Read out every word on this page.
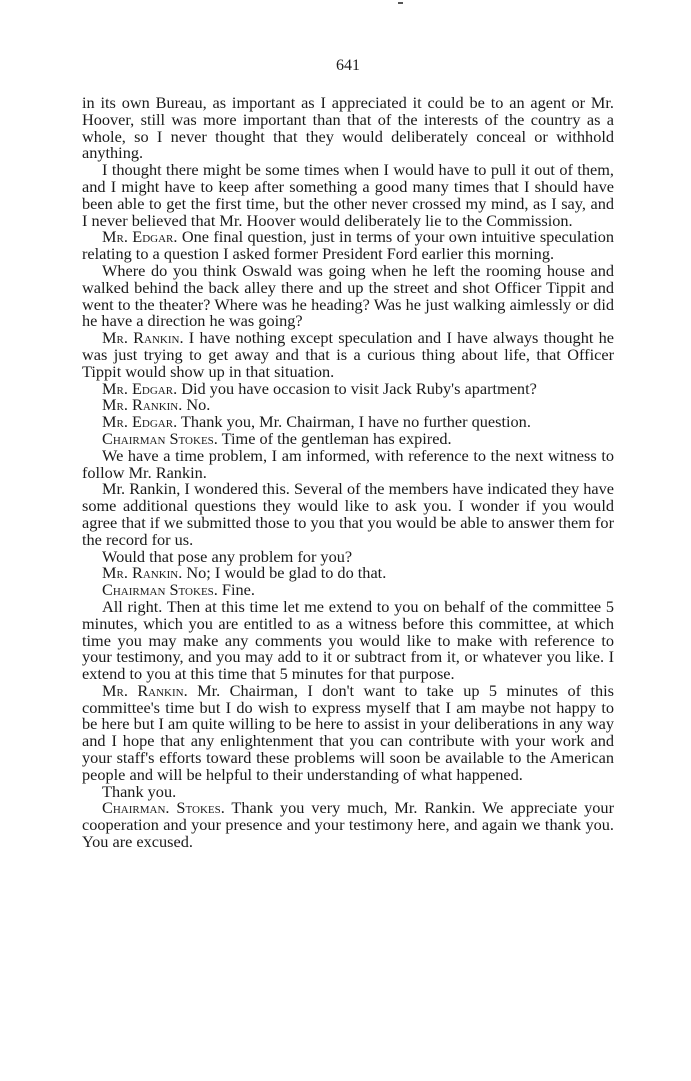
641

in its own Bureau, as important as I appreciated it could be to an agent or Mr. Hoover, still was more important than that of the interests of the country as a whole, so I never thought that they would deliberately conceal or withhold anything.

I thought there might be some times when I would have to pull it out of them, and I might have to keep after something a good many times that I should have been able to get the first time, but the other never crossed my mind, as I say, and I never believed that Mr. Hoover would deliberately lie to the Commission.

Mr. Edgar. One final question, just in terms of your own intuitive speculation relating to a question I asked former President Ford earlier this morning.

Where do you think Oswald was going when he left the rooming house and walked behind the back alley there and up the street and shot Officer Tippit and went to the theater? Where was he heading? Was he just walking aimlessly or did he have a direction he was going?

Mr. Rankin. I have nothing except speculation and I have always thought he was just trying to get away and that is a curious thing about life, that Officer Tippit would show up in that situation.

Mr. Edgar. Did you have occasion to visit Jack Ruby's apartment?

Mr. Rankin. No.

Mr. Edgar. Thank you, Mr. Chairman, I have no further question.

Chairman Stokes. Time of the gentleman has expired.

We have a time problem, I am informed, with reference to the next witness to follow Mr. Rankin.

Mr. Rankin, I wondered this. Several of the members have indicated they have some additional questions they would like to ask you. I wonder if you would agree that if we submitted those to you that you would be able to answer them for the record for us.

Would that pose any problem for you?

Mr. Rankin. No; I would be glad to do that.

Chairman Stokes. Fine.

All right. Then at this time let me extend to you on behalf of the committee 5 minutes, which you are entitled to as a witness before this committee, at which time you may make any comments you would like to make with reference to your testimony, and you may add to it or subtract from it, or whatever you like. I extend to you at this time that 5 minutes for that purpose.

Mr. Rankin. Mr. Chairman, I don't want to take up 5 minutes of this committee's time but I do wish to express myself that I am maybe not happy to be here but I am quite willing to be here to assist in your deliberations in any way and I hope that any enlightenment that you can contribute with your work and your staff's efforts toward these problems will soon be available to the American people and will be helpful to their understanding of what happened.

Thank you.

Chairman. Stokes. Thank you very much, Mr. Rankin. We appreciate your cooperation and your presence and your testimony here, and again we thank you. You are excused.
